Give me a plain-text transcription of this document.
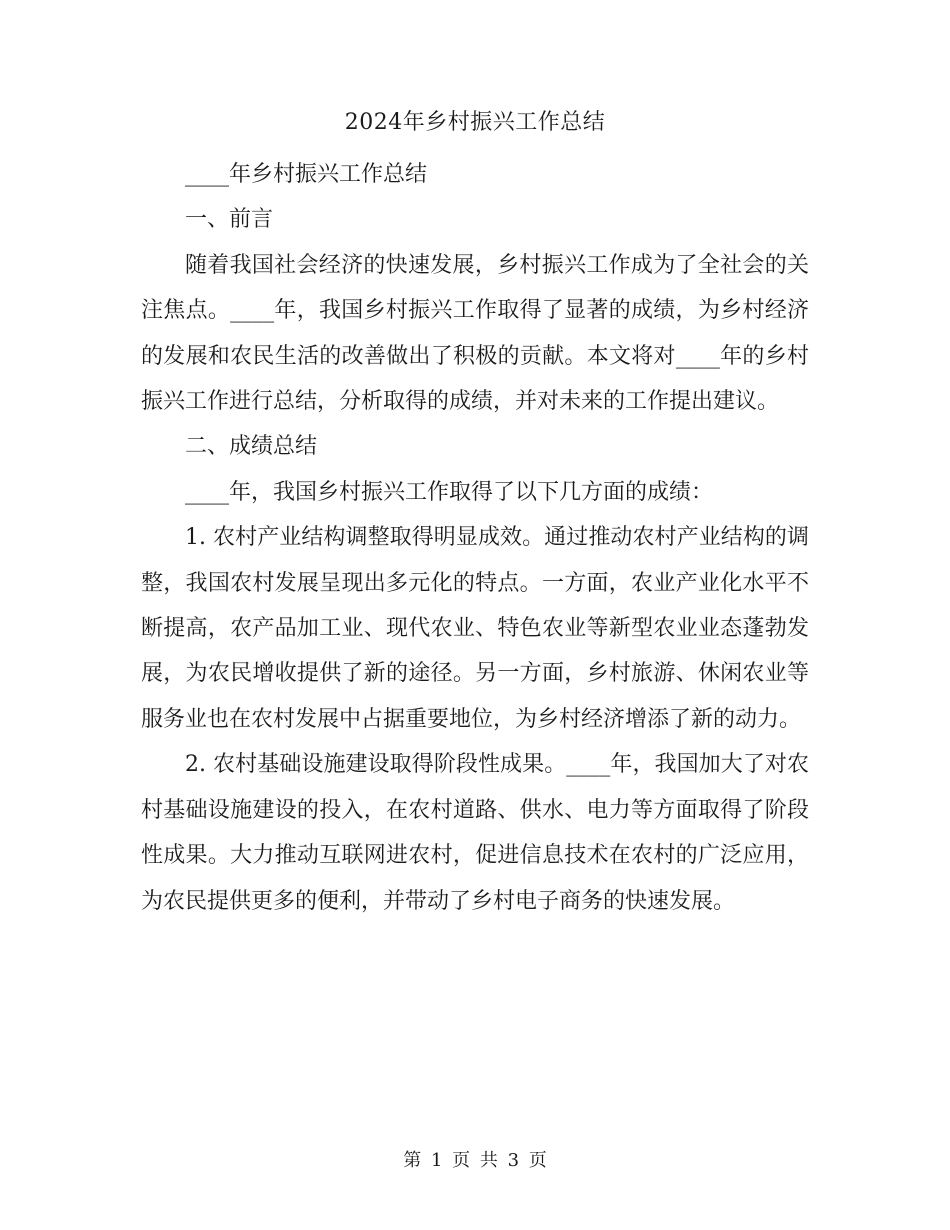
2024年乡村振兴工作总结

____年乡村振兴工作总结

一、前言

随着我国社会经济的快速发展，乡村振兴工作成为了全社会的关注焦点。____年，我国乡村振兴工作取得了显著的成绩，为乡村经济的发展和农民生活的改善做出了积极的贡献。本文将对____年的乡村振兴工作进行总结，分析取得的成绩，并对未来的工作提出建议。

二、成绩总结

____年，我国乡村振兴工作取得了以下几方面的成绩：

1. 农村产业结构调整取得明显成效。通过推动农村产业结构的调整，我国农村发展呈现出多元化的特点。一方面，农业产业化水平不断提高，农产品加工业、现代农业、特色农业等新型农业业态蓬勃发展，为农民增收提供了新的途径。另一方面，乡村旅游、休闲农业等服务业也在农村发展中占据重要地位，为乡村经济增添了新的动力。

2. 农村基础设施建设取得阶段性成果。____年，我国加大了对农村基础设施建设的投入，在农村道路、供水、电力等方面取得了阶段性成果。大力推动互联网进农村，促进信息技术在农村的广泛应用，为农民提供更多的便利，并带动了乡村电子商务的快速发展。

第 1 页 共 3 页
